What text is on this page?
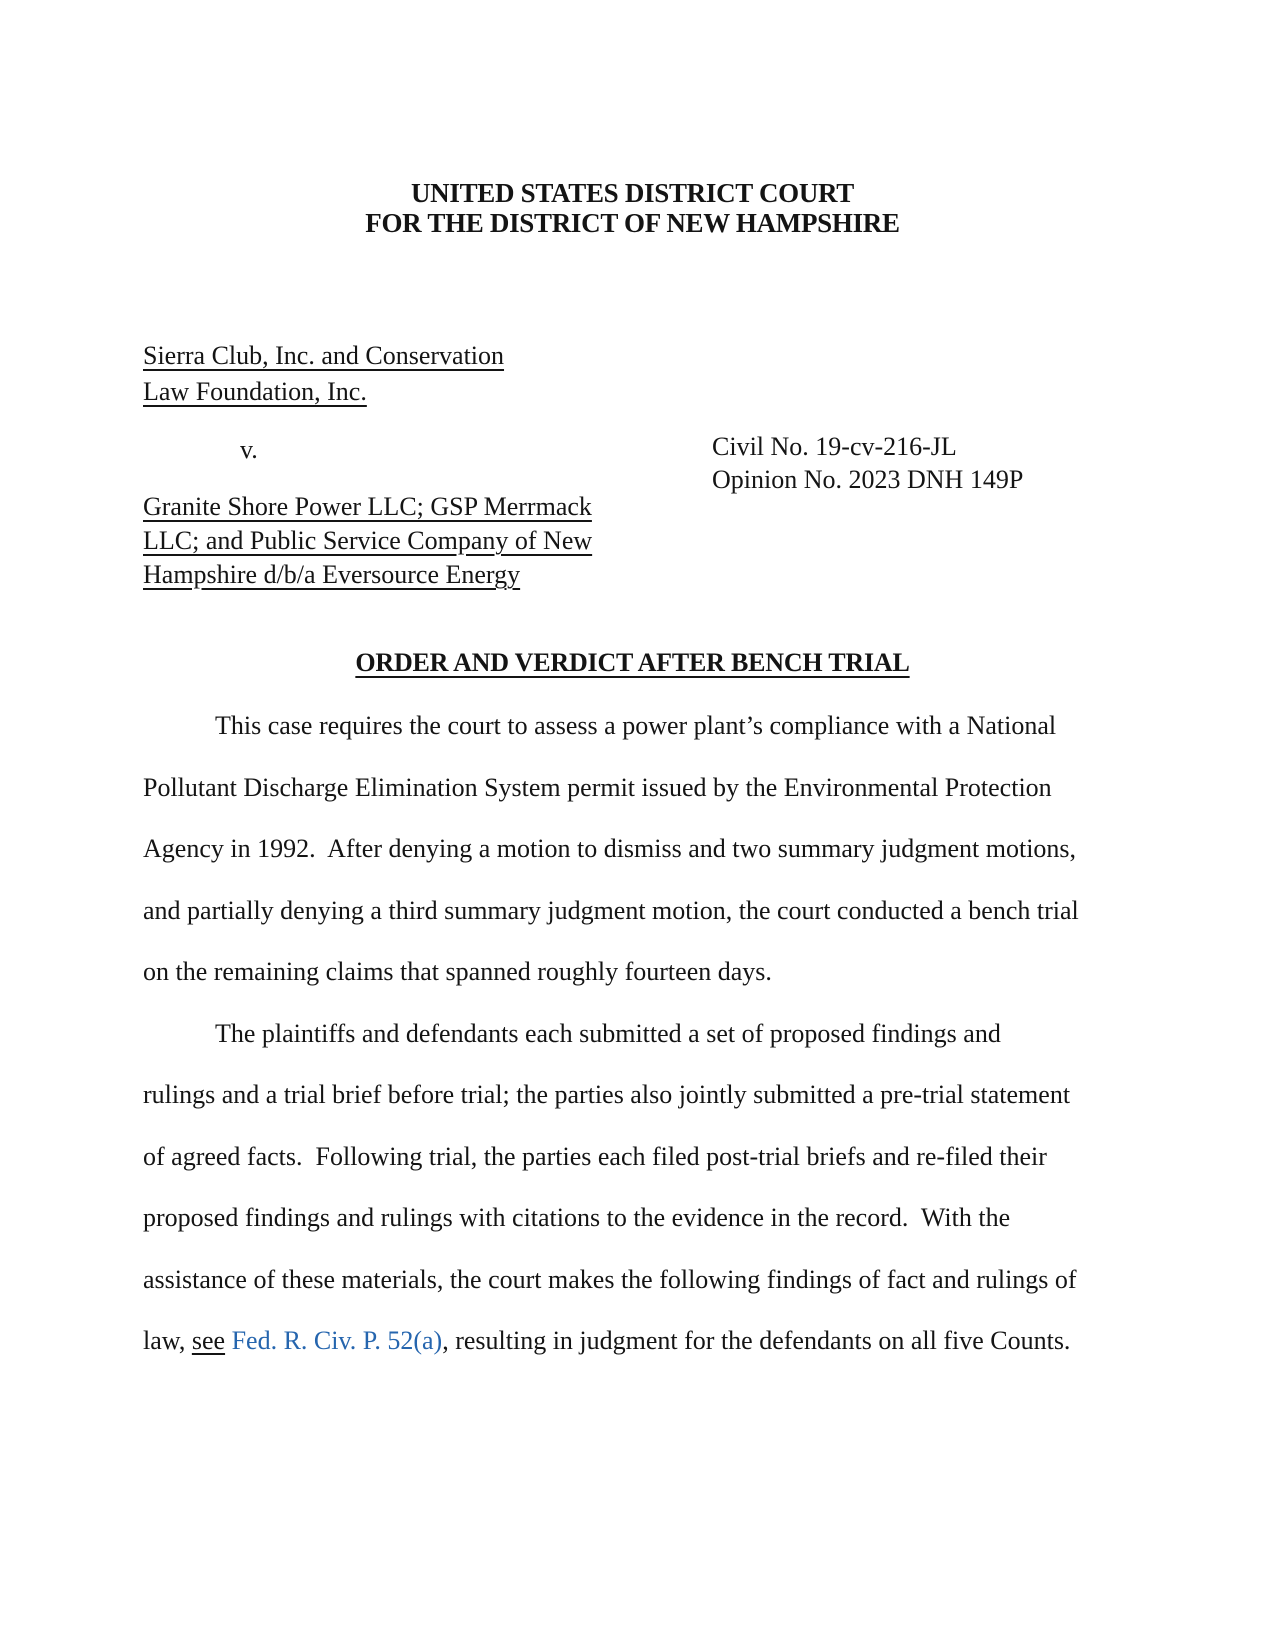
UNITED STATES DISTRICT COURT
FOR THE DISTRICT OF NEW HAMPSHIRE
Sierra Club, Inc. and Conservation
Law Foundation, Inc.
v.	Civil No. 19-cv-216-JL
Opinion No. 2023 DNH 149P
Granite Shore Power LLC; GSP Merrmack
LLC; and Public Service Company of New
Hampshire d/b/a Eversource Energy
ORDER AND VERDICT AFTER BENCH TRIAL
This case requires the court to assess a power plant’s compliance with a National
Pollutant Discharge Elimination System permit issued by the Environmental Protection
Agency in 1992.  After denying a motion to dismiss and two summary judgment motions,
and partially denying a third summary judgment motion, the court conducted a bench trial
on the remaining claims that spanned roughly fourteen days.
The plaintiffs and defendants each submitted a set of proposed findings and
rulings and a trial brief before trial; the parties also jointly submitted a pre-trial statement
of agreed facts.  Following trial, the parties each filed post-trial briefs and re-filed their
proposed findings and rulings with citations to the evidence in the record.  With the
assistance of these materials, the court makes the following findings of fact and rulings of
law, see Fed. R. Civ. P. 52(a), resulting in judgment for the defendants on all five Counts.
